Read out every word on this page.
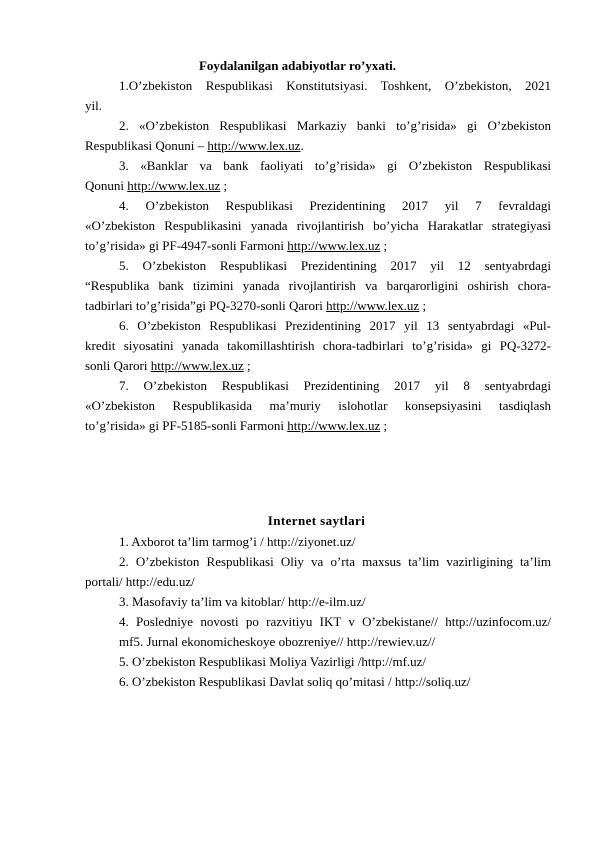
Foydalanilgan adabiyotlar ro’yxati.
1.O’zbekiston Respublikasi Konstitutsiyasi. Toshkent, O’zbekiston, 2021
yil.
2. «O’zbekiston Respublikasi Markaziy banki to’g’risida» gi O’zbekiston
Respublikasi Qonuni – http://www.lex.uz.
3. «Banklar va bank faoliyati to’g’risida» gi O’zbekiston Respublikasi
Qonuni http://www.lex.uz ;
4. O’zbekiston Respublikasi Prezidentining 2017 yil 7 fevraldagi
«O’zbekiston Respublikasini yanada rivojlantirish bo’yicha Harakatlar strategiyasi
to’g’risida» gi PF-4947-sonli Farmoni http://www.lex.uz ;
5. O’zbekiston Respublikasi Prezidentining 2017 yil 12 sentyabrdagi
“Respublika bank tizimini yanada rivojlantirish va barqarorligini oshirish chora-
tadbirlari to’g’risida”gi PQ-3270-sonli Qarori http://www.lex.uz ;
6. O’zbekiston Respublikasi Prezidentining 2017 yil 13 sentyabrdagi «Pul-
kredit siyosatini yanada takomillashtirish chora-tadbirlari to’g’risida» gi PQ-3272-
sonli Qarori http://www.lex.uz ;
7. O’zbekiston Respublikasi Prezidentining 2017 yil 8 sentyabrdagi
«O’zbekiston Respublikasida ma’muriy islohotlar konsepsiyasini tasdiqlash
to’g’risida» gi PF-5185-sonli Farmoni http://www.lex.uz ;
Internet saytlari
1. Axborot ta’lim tarmog’i / http://ziyonet.uz/
2. O’zbekiston Respublikasi Oliy va o’rta maxsus ta’lim vazirligining ta’lim
portali/ http://edu.uz/
3. Masofaviy ta’lim va kitoblar/ http://e-ilm.uz/
4. Posledniye novosti po razvitiyu IKT v O’zbekistane// http://uzinfocom.uz/
mf5. Jurnal ekonomicheskoye obozreniye// http://rewiev.uz//
5. O’zbekiston Respublikasi Moliya Vazirligi /http://mf.uz/
6. O’zbekiston Respublikasi Davlat soliq qo’mitasi / http://soliq.uz/
